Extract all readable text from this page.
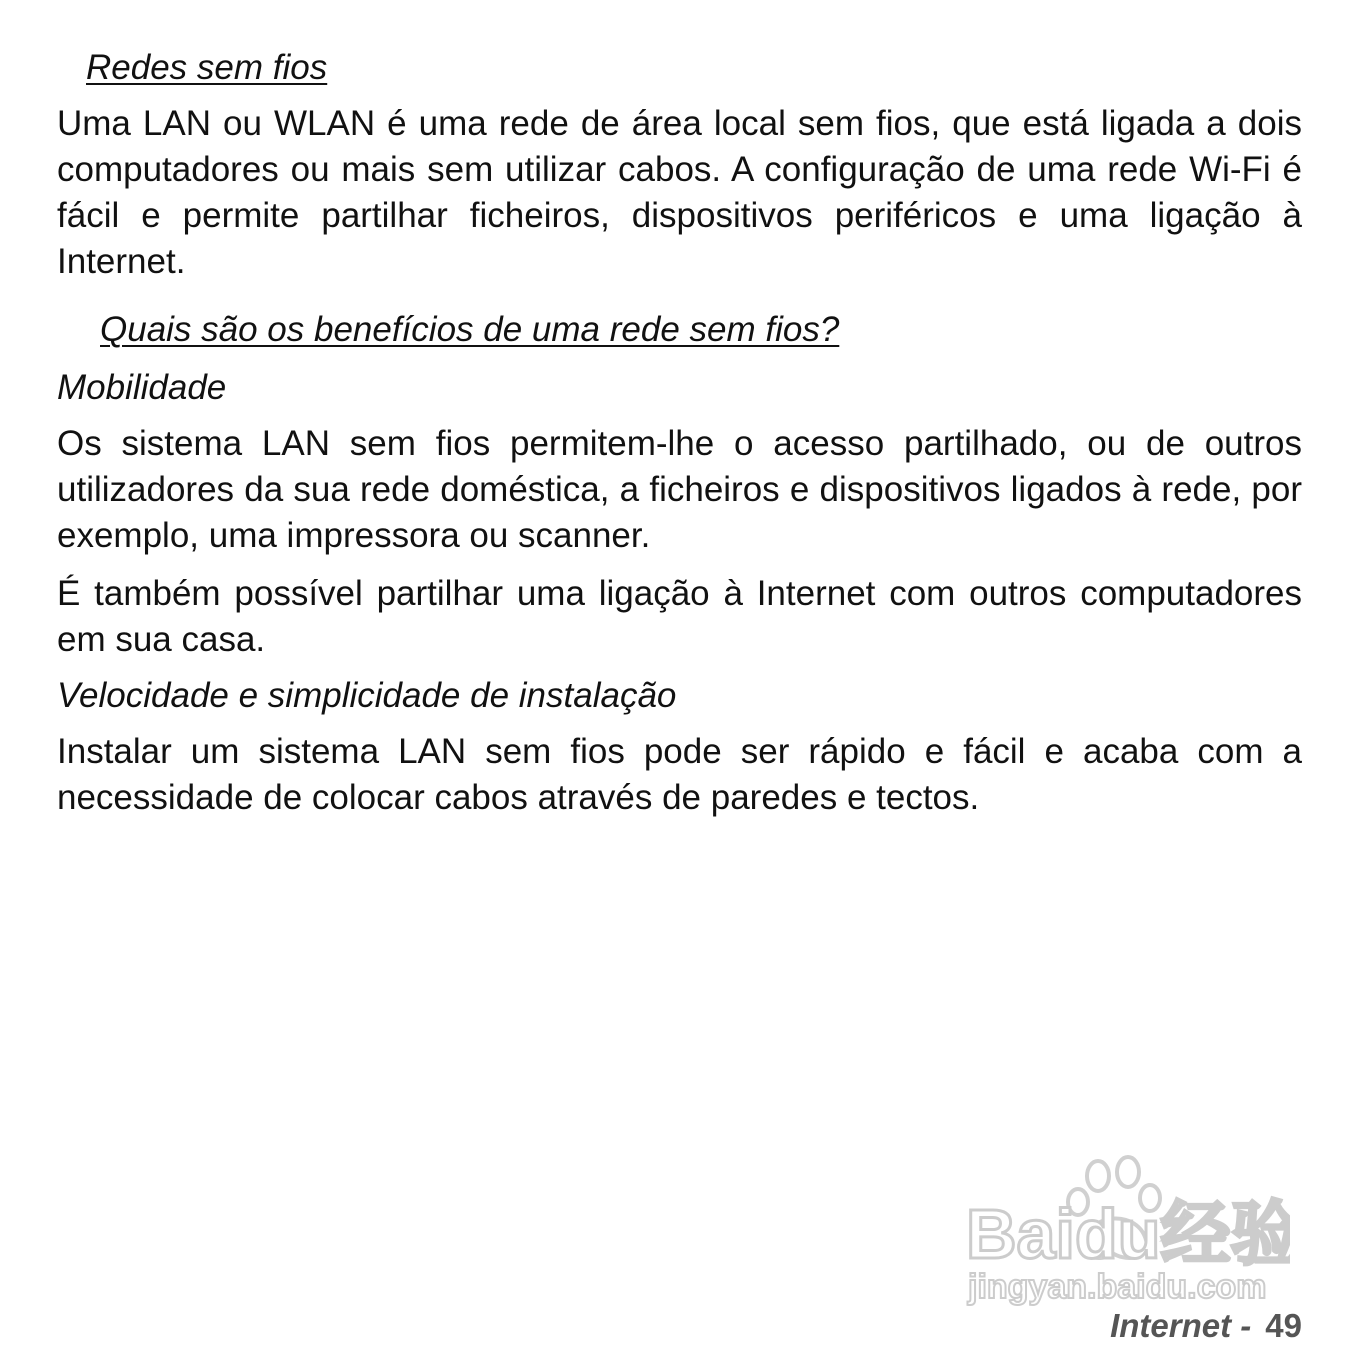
Redes sem fios

Uma LAN ou WLAN é uma rede de área local sem fios, que está ligada a dois computadores ou mais sem utilizar cabos. A configuração de uma rede Wi-Fi é fácil e permite partilhar ficheiros, dispositivos periféricos e uma ligação à Internet.

Quais são os benefícios de uma rede sem fios?
Mobilidade

Os sistema LAN sem fios permitem-lhe o acesso partilhado, ou de outros utilizadores da sua rede doméstica, a ficheiros e dispositivos ligados à rede, por exemplo, uma impressora ou scanner.

É também possível partilhar uma ligação à Internet com outros computadores em sua casa.

Velocidade e simplicidade de instalação

Instalar um sistema LAN sem fios pode ser rápido e fácil e acaba com a necessidade de colocar cabos através de paredes e tectos.

Baidu经验
jingyan.baidu.com
Internet - 49
